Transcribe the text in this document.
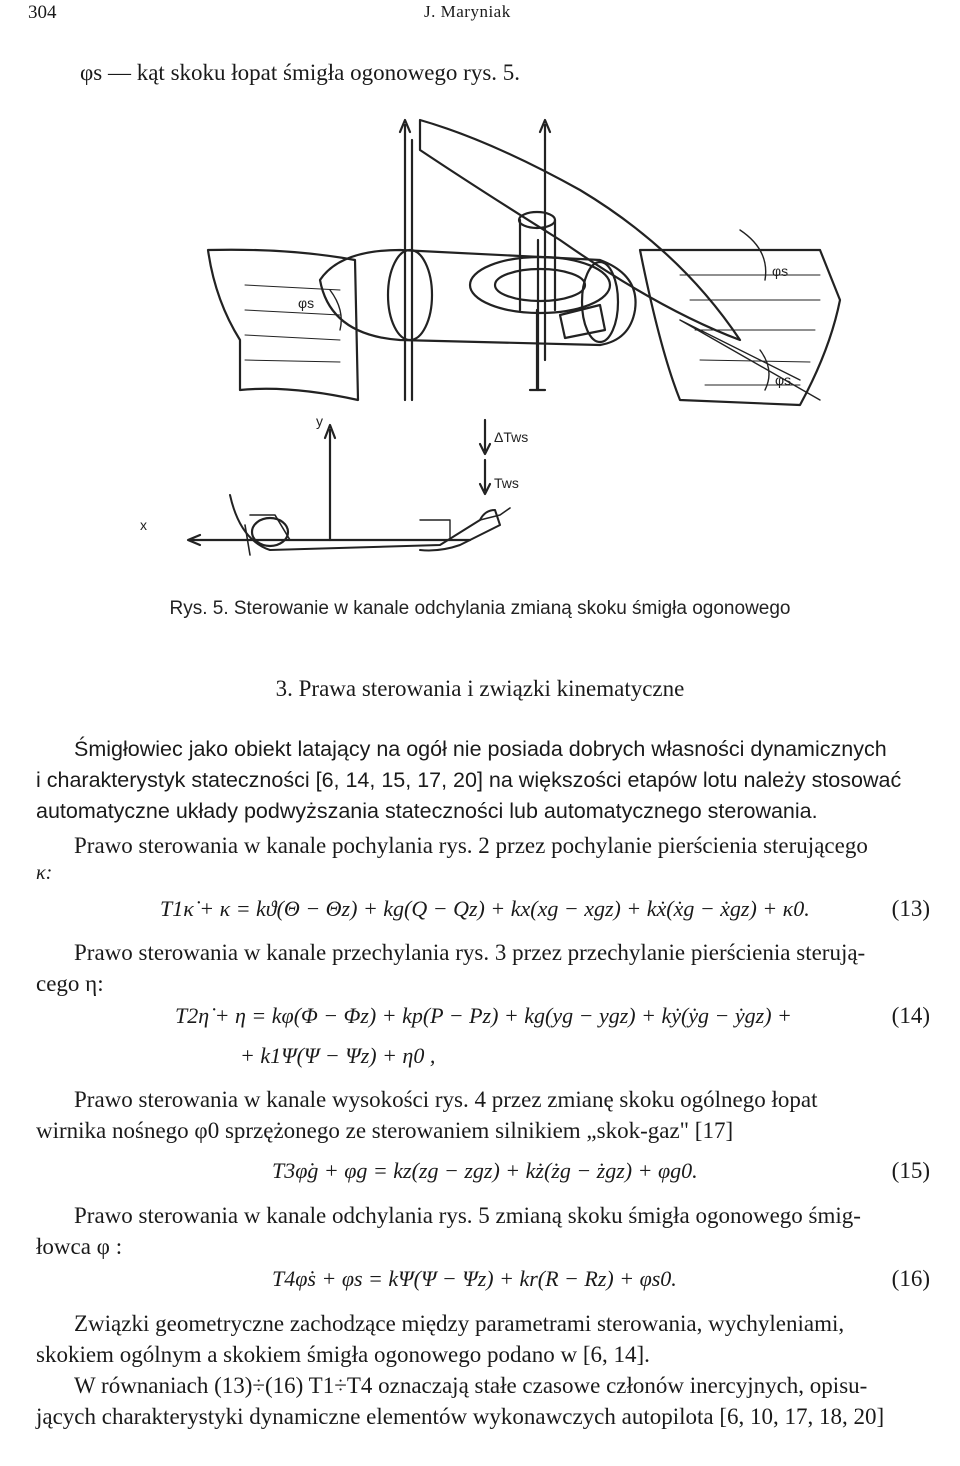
304	J. Maryniak
φs — kąt skoku łopat śmigła ogonowego rys. 5.
φs
φs
φs
y
x
ΔTws
Tws
Rys. 5. Sterowanie w kanale odchylania zmianą skoku śmigła ogonowego
3. Prawa sterowania i związki kinematyczne

Śmigłowiec jako obiekt latający na ogół nie posiada dobrych własności dynamicznych

i charakterystyk stateczności [6, 14, 15, 17, 20] na większości etapów lotu należy stosować

automatyczne układy podwyższania stateczności lub automatycznego sterowania.

Prawo sterowania w kanale pochylania rys. 2 przez pochylanie pierścienia sterującego

κ:
T1κ̇ + κ = kϑ(Θ − Θz) + kg(Q − Qz) + kx(xg − xgz) + kẋ(ẋg − ẋgz) + κ0.	(13)

Prawo sterowania w kanale przechylania rys. 3 przez przechylanie pierścienia sterują-

cego η:

T2η̇ + η = kφ(Φ − Φz) + kp(P − Pz) + kg(yg − ygz) + kẏ(ẏg − ẏgz) +	(14)
+ k1Ψ(Ψ − Ψz) + η0 ,

Prawo sterowania w kanale wysokości rys. 4 przez zmianę skoku ogólnego łopat

wirnika nośnego φ0 sprzężonego ze sterowaniem silnikiem „skok-gaz" [17]

T3φ̇g + φg = kz(zg − zgz) + kż(żg − żgz) + φg0.	(15)

Prawo sterowania w kanale odchylania rys. 5 zmianą skoku śmigła ogonowego śmig-

łowca φ :

T4φ̇s + φs = kΨ(Ψ − Ψz) + kr(R − Rz) + φs0.	(16)

Związki geometryczne zachodzące między parametrami sterowania, wychyleniami,

skokiem ogólnym a skokiem śmigła ogonowego podano w [6, 14].

W równaniach (13)÷(16) T1÷T4 oznaczają stałe czasowe członów inercyjnych, opisu-

jących charakterystyki dynamiczne elementów wykonawczych autopilota [6, 10, 17, 18, 20]
